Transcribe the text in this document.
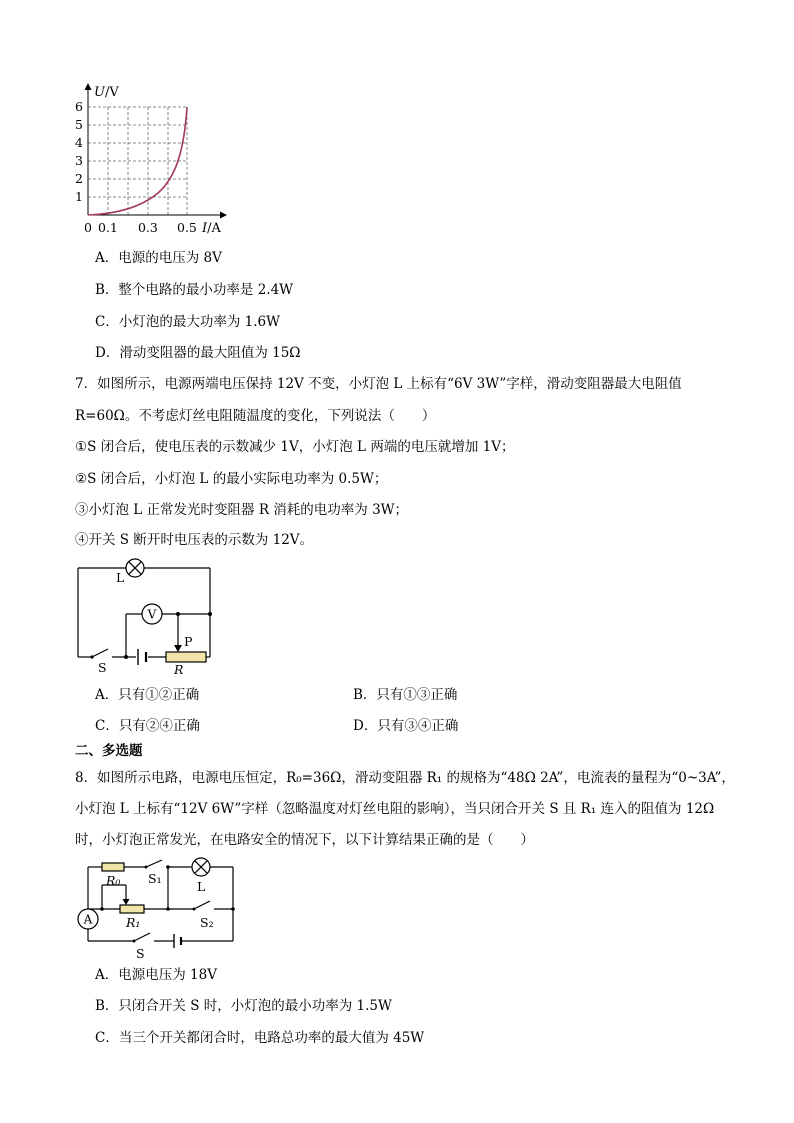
U/V
6
5
4
3
2
1
0 0.1 0.3 0.5 I/A
A．电源的电压为 8V
B．整个电路的最小功率是 2.4W
C．小灯泡的最大功率为 1.6W
D．滑动变阻器的最大阻值为 15Ω
7．如图所示，电源两端电压保持 12V 不变，小灯泡 L 上标有“6V 3W”字样，滑动变阻器最大电阻值
R=60Ω。不考虑灯丝电阻随温度的变化，下列说法（　　）
①S 闭合后，使电压表的示数减少 1V，小灯泡 L 两端的电压就增加 1V；
②S 闭合后，小灯泡 L 的最小实际电功率为 0.5W；
③小灯泡 L 正常发光时变阻器 R 消耗的电功率为 3W；
④开关 S 断开时电压表的示数为 12V。
V
L
S
P
R
A．只有①②正确	B．只有①③正确
C．只有②④正确	D．只有③④正确
二、多选题
8．如图所示电路，电源电压恒定，R₀=36Ω，滑动变阻器 R₁ 的规格为“48Ω 2A”，电流表的量程为“0~3A”，
小灯泡 L 上标有“12V 6W”字样（忽略温度对灯丝电阻的影响），当只闭合开关 S 且 R₁ 连入的阻值为 12Ω
时，小灯泡正常发光，在电路安全的情况下，以下计算结果正确的是（　　）
A
R₀ S₁
L
R₁	S₂
S
A．电源电压为 18V
B．只闭合开关 S 时，小灯泡的最小功率为 1.5W
C．当三个开关都闭合时，电路总功率的最大值为 45W
